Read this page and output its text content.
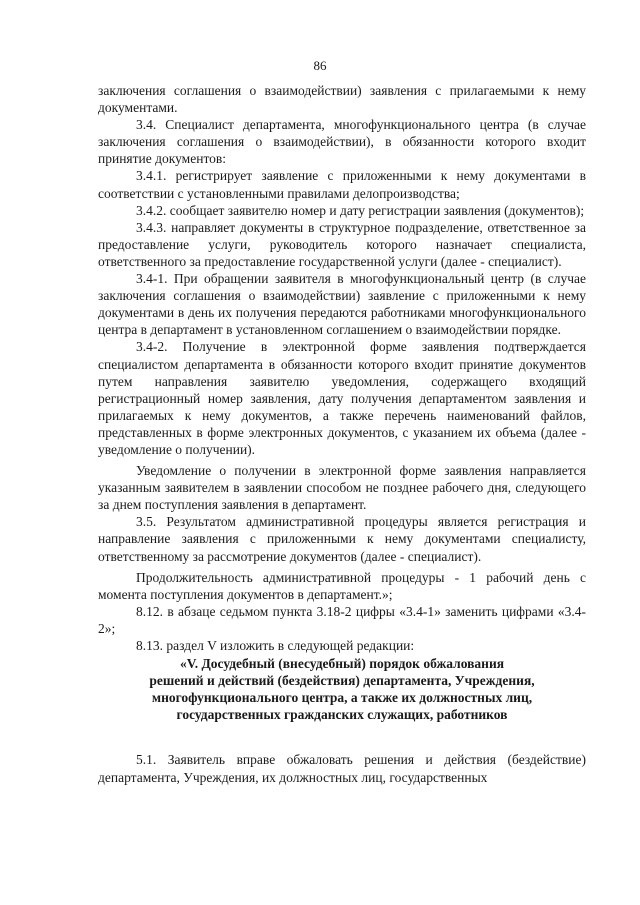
86

заключения соглашения о взаимодействии) заявления с прилагаемыми к нему документами.

3.4. Специалист департамента, многофункционального центра (в случае заключения соглашения о взаимодействии), в обязанности которого входит принятие документов:

3.4.1. регистрирует заявление с приложенными к нему документами в соответствии с установленными правилами делопроизводства;

3.4.2. сообщает заявителю номер и дату регистрации заявления (документов);

3.4.3. направляет документы в структурное подразделение, ответственное за предоставление услуги, руководитель которого назначает специалиста, ответственного за предоставление государственной услуги (далее - специалист).

3.4-1. При обращении заявителя в многофункциональный центр (в случае заключения соглашения о взаимодействии) заявление с приложенными к нему документами в день их получения передаются работниками многофункционального центра в департамент в установленном соглашением о взаимодействии порядке.

3.4-2. Получение в электронной форме заявления подтверждается специалистом департамента в обязанности которого входит принятие документов путем направления заявителю уведомления, содержащего входящий регистрационный номер заявления, дату получения департаментом заявления и прилагаемых к нему документов, а также перечень наименований файлов, представленных в форме электронных документов, с указанием их объема (далее - уведомление о получении).

Уведомление о получении в электронной форме заявления направляется указанным заявителем в заявлении способом не позднее рабочего дня, следующего за днем поступления заявления в департамент.

3.5. Результатом административной процедуры является регистрация и направление заявления с приложенными к нему документами специалисту, ответственному за рассмотрение документов (далее - специалист).

Продолжительность административной процедуры - 1 рабочий день с момента поступления документов в департамент.»;

8.12. в абзаце седьмом пункта 3.18-2 цифры «3.4-1» заменить цифрами «3.4-2»;

8.13. раздел V изложить в следующей редакции:

«V. Досудебный (внесудебный) порядок обжалования
решений и действий (бездействия) департамента, Учреждения,
многофункционального центра, а также их должностных лиц,
государственных гражданских служащих, работников

5.1. Заявитель вправе обжаловать решения и действия (бездействие) департамента, Учреждения, их должностных лиц, государственных
